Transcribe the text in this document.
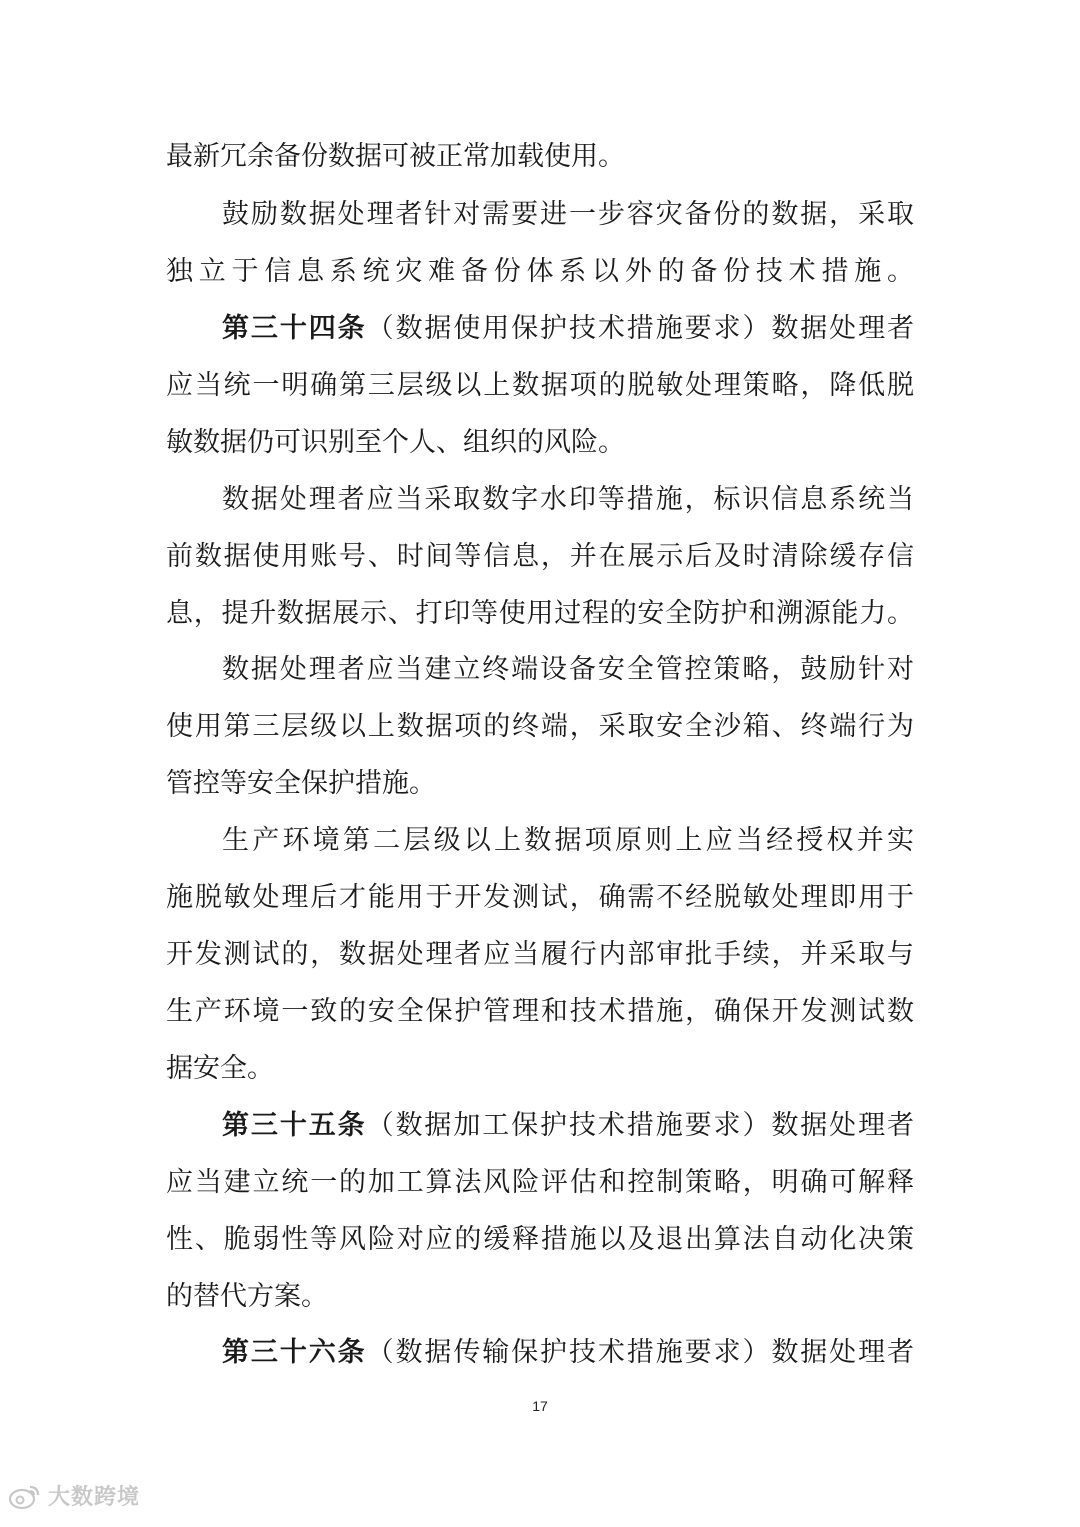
最新冗余备份数据可被正常加载使用。
鼓励数据处理者针对需要进一步容灾备份的数据，采取
独立于信息系统灾难备份体系以外的备份技术措施。
第三十四条（数据使用保护技术措施要求）数据处理者
应当统一明确第三层级以上数据项的脱敏处理策略，降低脱
敏数据仍可识别至个人、组织的风险。
数据处理者应当采取数字水印等措施，标识信息系统当
前数据使用账号、时间等信息，并在展示后及时清除缓存信
息，提升数据展示、打印等使用过程的安全防护和溯源能力。
数据处理者应当建立终端设备安全管控策略，鼓励针对
使用第三层级以上数据项的终端，采取安全沙箱、终端行为
管控等安全保护措施。
生产环境第二层级以上数据项原则上应当经授权并实
施脱敏处理后才能用于开发测试，确需不经脱敏处理即用于
开发测试的，数据处理者应当履行内部审批手续，并采取与
生产环境一致的安全保护管理和技术措施，确保开发测试数
据安全。
第三十五条（数据加工保护技术措施要求）数据处理者
应当建立统一的加工算法风险评估和控制策略，明确可解释
性、脆弱性等风险对应的缓释措施以及退出算法自动化决策
的替代方案。
第三十六条（数据传输保护技术措施要求）数据处理者
17
大数跨境
